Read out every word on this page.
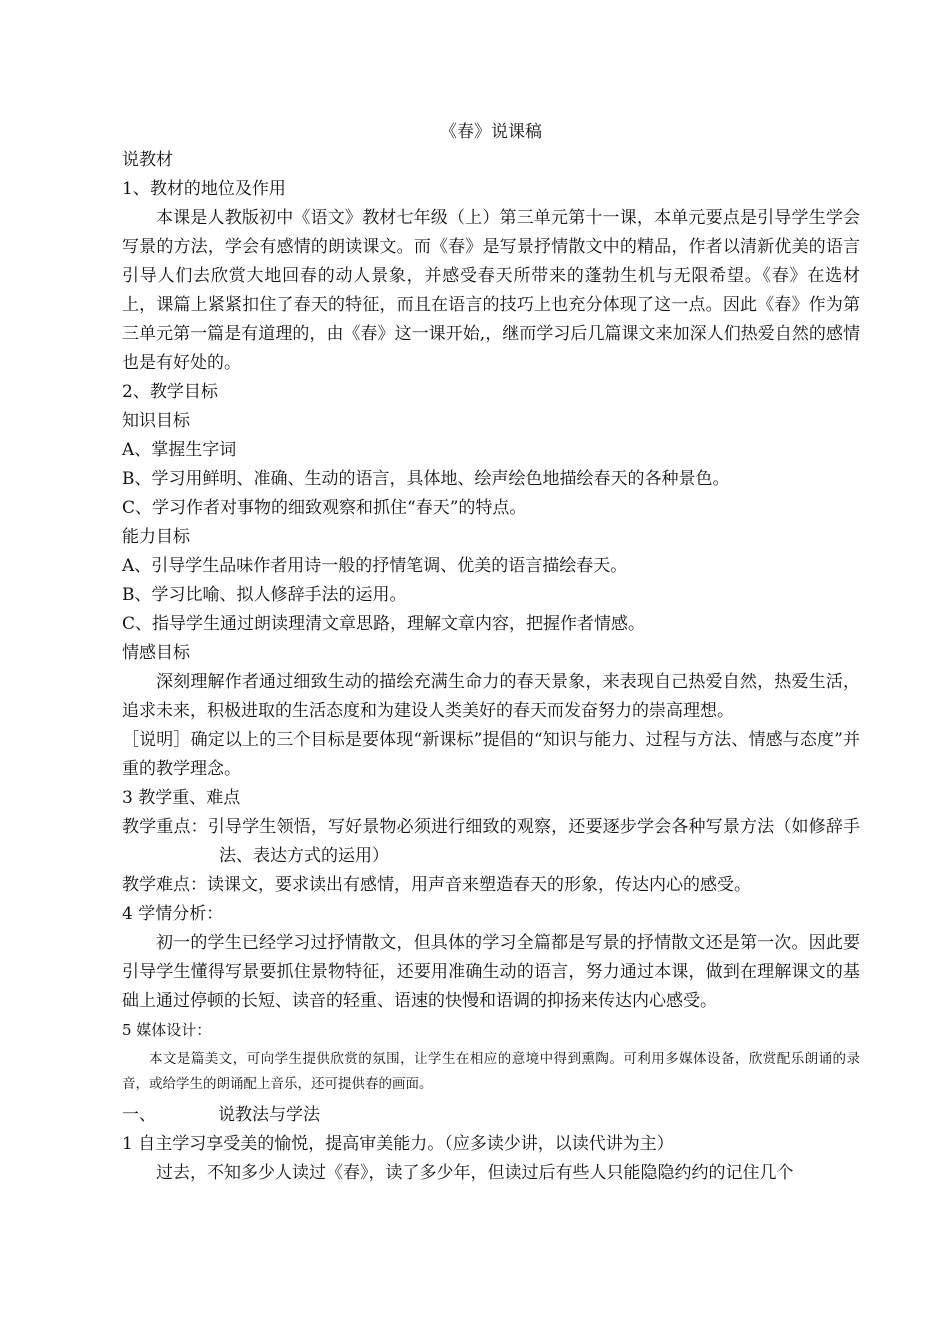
《春》说课稿
说教材
1、教材的地位及作用
本课是人教版初中《语文》教材七年级（上）第三单元第十一课，本单元要点是引导学生学会写景的方法，学会有感情的朗读课文。而《春》是写景抒情散文中的精品，作者以清新优美的语言引导人们去欣赏大地回春的动人景象，并感受春天所带来的蓬勃生机与无限希望。《春》在选材上，课篇上紧紧扣住了春天的特征，而且在语言的技巧上也充分体现了这一点。因此《春》作为第三单元第一篇是有道理的，由《春》这一课开始,，继而学习后几篇课文来加深人们热爱自然的感情也是有好处的。
2、教学目标
知识目标
A、掌握生字词
B、学习用鲜明、准确、生动的语言，具体地、绘声绘色地描绘春天的各种景色。
C、学习作者对事物的细致观察和抓住“春天”的特点。
能力目标
A、引导学生品味作者用诗一般的抒情笔调、优美的语言描绘春天。
B、学习比喻、拟人修辞手法的运用。
C、指导学生通过朗读理清文章思路，理解文章内容，把握作者情感。
情感目标
深刻理解作者通过细致生动的描绘充满生命力的春天景象，来表现自己热爱自然，热爱生活，追求未来，积极进取的生活态度和为建设人类美好的春天而发奋努力的崇高理想。
［说明］确定以上的三个目标是要体现“新课标”提倡的“知识与能力、过程与方法、情感与态度”并重的教学理念。
3 教学重、难点
教学重点：引导学生领悟，写好景物必须进行细致的观察，还要逐步学会各种写景方法（如修辞手法、表达方式的运用）
教学难点：读课文，要求读出有感情，用声音来塑造春天的形象，传达内心的感受。
4 学情分析：
初一的学生已经学习过抒情散文，但具体的学习全篇都是写景的抒情散文还是第一次。因此要引导学生懂得写景要抓住景物特征，还要用准确生动的语言，努力通过本课，做到在理解课文的基础上通过停顿的长短、读音的轻重、语速的快慢和语调的抑扬来传达内心感受。
5 媒体设计：
本文是篇美文，可向学生提供欣赏的氛围，让学生在相应的意境中得到熏陶。可利用多媒体设备，欣赏配乐朗诵的录音，或给学生的朗诵配上音乐，还可提供春的画面。
一、	说教法与学法
1 自主学习享受美的愉悦，提高审美能力。（应多读少讲，以读代讲为主）
过去，不知多少人读过《春》，读了多少年，但读过后有些人只能隐隐约约的记住几个
